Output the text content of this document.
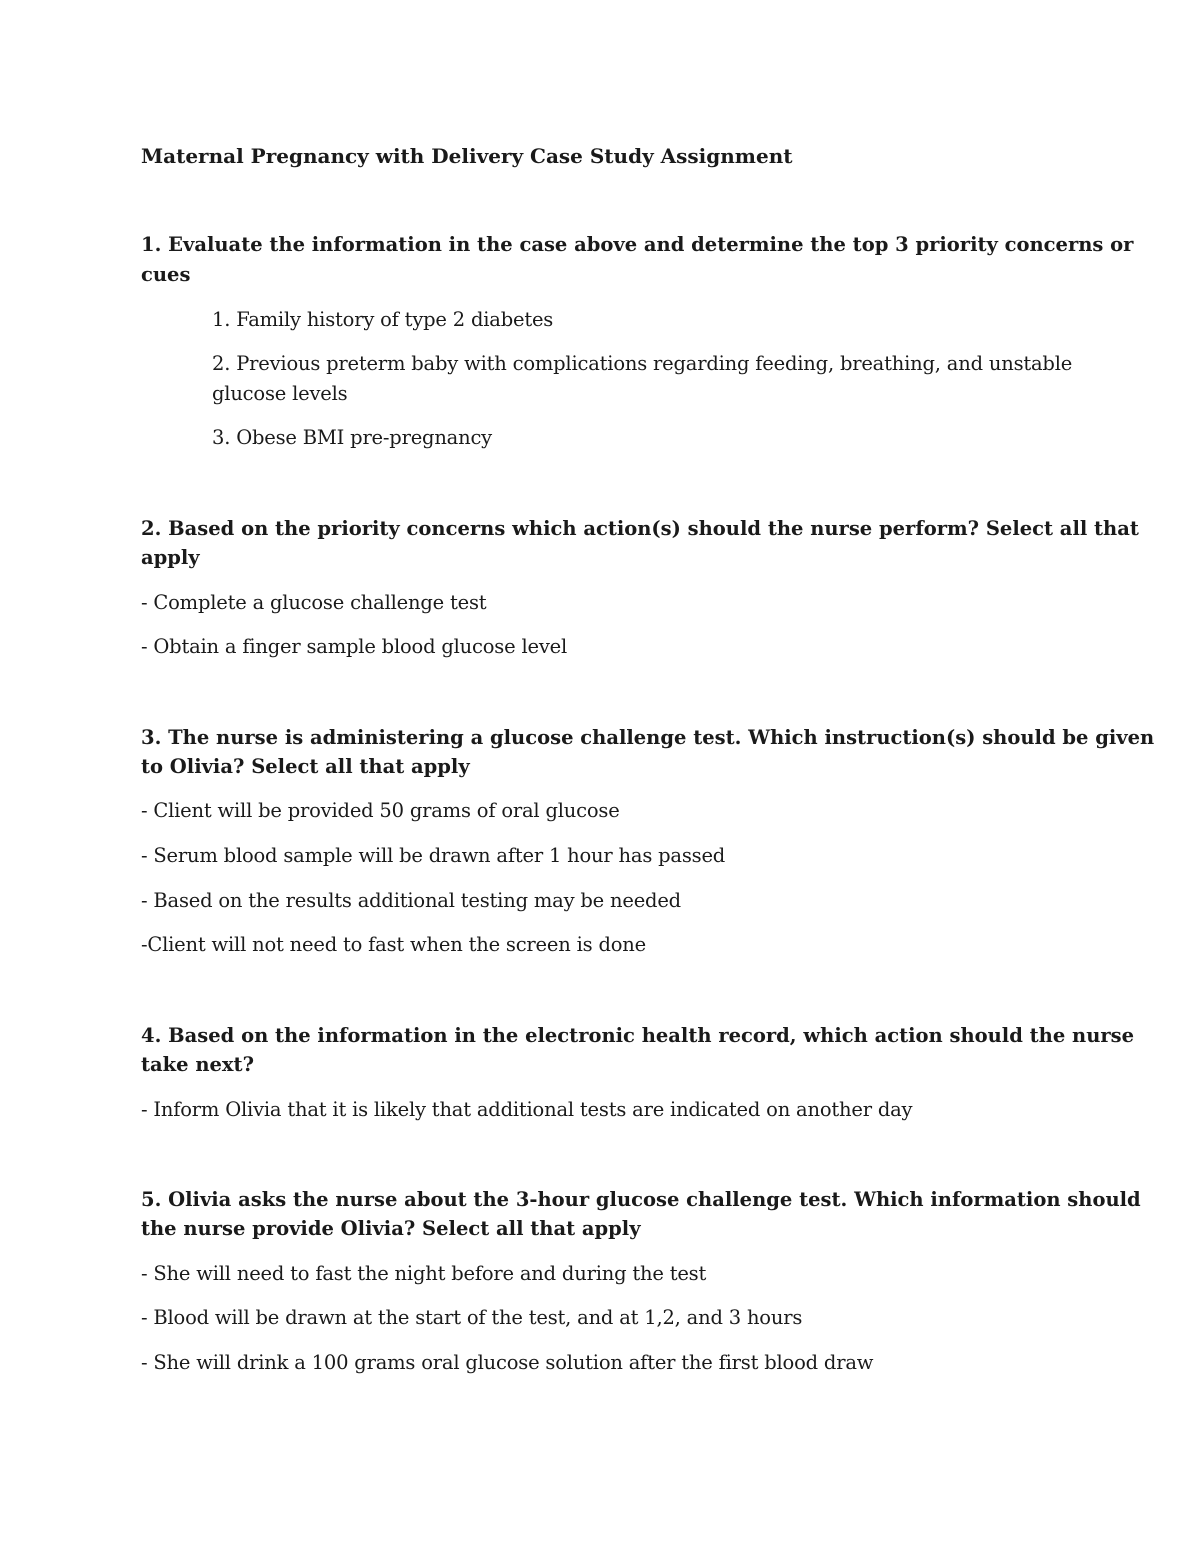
Maternal Pregnancy with Delivery Case Study Assignment

1. Evaluate the information in the case above and determine the top 3 priority concerns or

cues

1. Family history of type 2 diabetes

2. Previous preterm baby with complications regarding feeding, breathing, and unstable

glucose levels

3. Obese BMI pre-pregnancy

2. Based on the priority concerns which action(s) should the nurse perform? Select all that

apply

- Complete a glucose challenge test

- Obtain a finger sample blood glucose level

3. The nurse is administering a glucose challenge test. Which instruction(s) should be given

to Olivia? Select all that apply

- Client will be provided 50 grams of oral glucose

- Serum blood sample will be drawn after 1 hour has passed

- Based on the results additional testing may be needed

-Client will not need to fast when the screen is done

4. Based on the information in the electronic health record, which action should the nurse

take next?

- Inform Olivia that it is likely that additional tests are indicated on another day

5. Olivia asks the nurse about the 3-hour glucose challenge test. Which information should

the nurse provide Olivia? Select all that apply

- She will need to fast the night before and during the test

- Blood will be drawn at the start of the test, and at 1,2, and 3 hours

- She will drink a 100 grams oral glucose solution after the first blood draw
